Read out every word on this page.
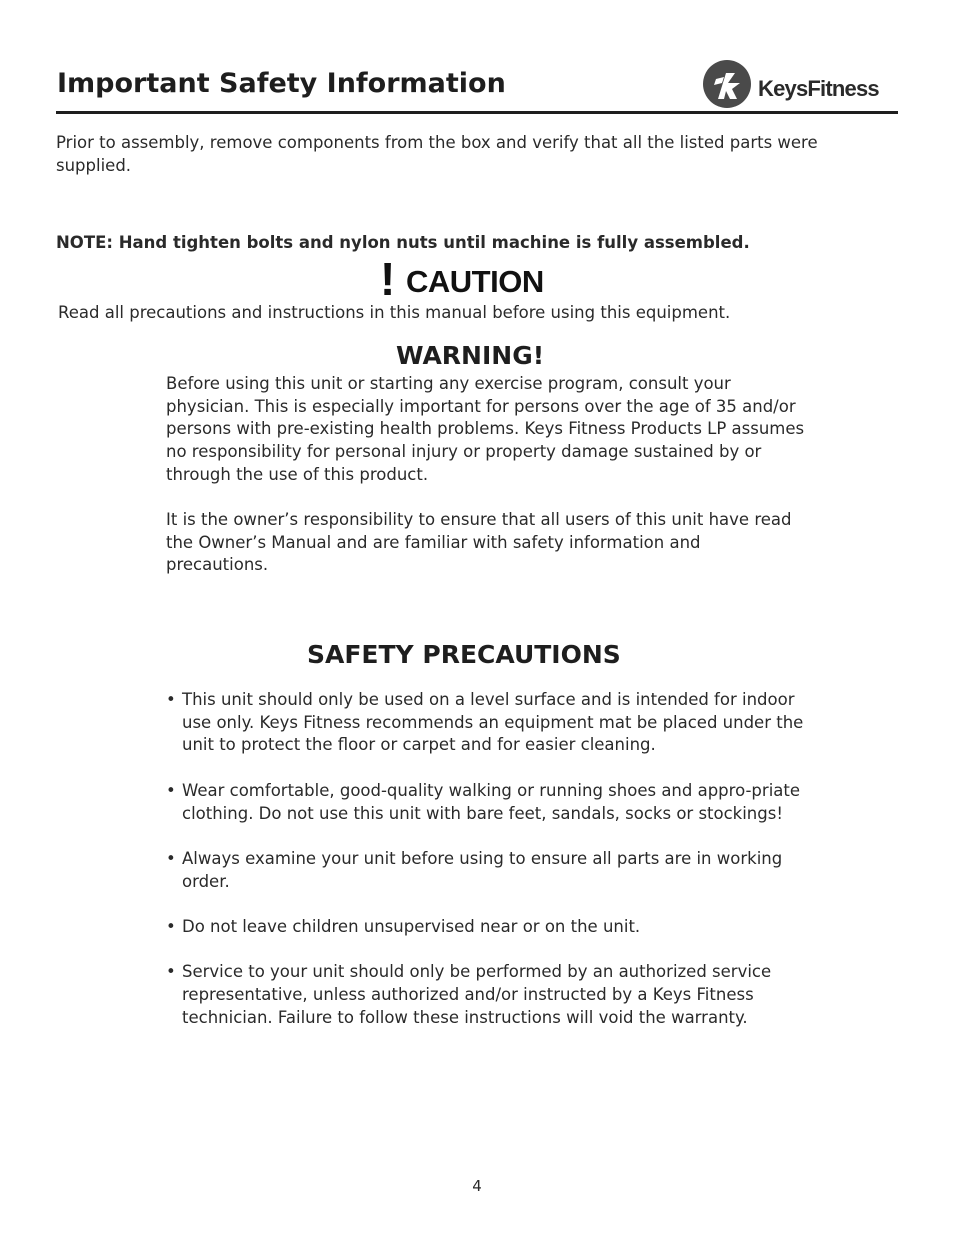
Important Safety Information	KeysFitness

Prior to assembly, remove components from the box and verify that all the listed parts were supplied.

NOTE: Hand tighten bolts and nylon nuts until machine is fully assembled.

! CAUTION

Read all precautions and instructions in this manual before using this equipment.

WARNING!

Before using this unit or starting any exercise program, consult your physician. This is especially important for persons over the age of 35 and/or persons with pre-existing health problems. Keys Fitness Products LP assumes no responsibility for personal injury or property damage sustained by or through the use of this product.

It is the owner’s responsibility to ensure that all users of this unit have read the Owner’s Manual and are familiar with safety information and precautions.

SAFETY PRECAUTIONS
• This unit should only be used on a level surface and is intended for indoor use only. Keys Fitness recommends an equipment mat be placed under the unit to protect the floor or carpet and for easier cleaning.
• Wear comfortable, good-quality walking or running shoes and appro-priate clothing. Do not use this unit with bare feet, sandals, socks or stockings!
• Always examine your unit before using to ensure all parts are in working order.
• Do not leave children unsupervised near or on the unit.
• Service to your unit should only be performed by an authorized service representative, unless authorized and/or instructed by a Keys Fitness technician. Failure to follow these instructions will void the warranty.
4
